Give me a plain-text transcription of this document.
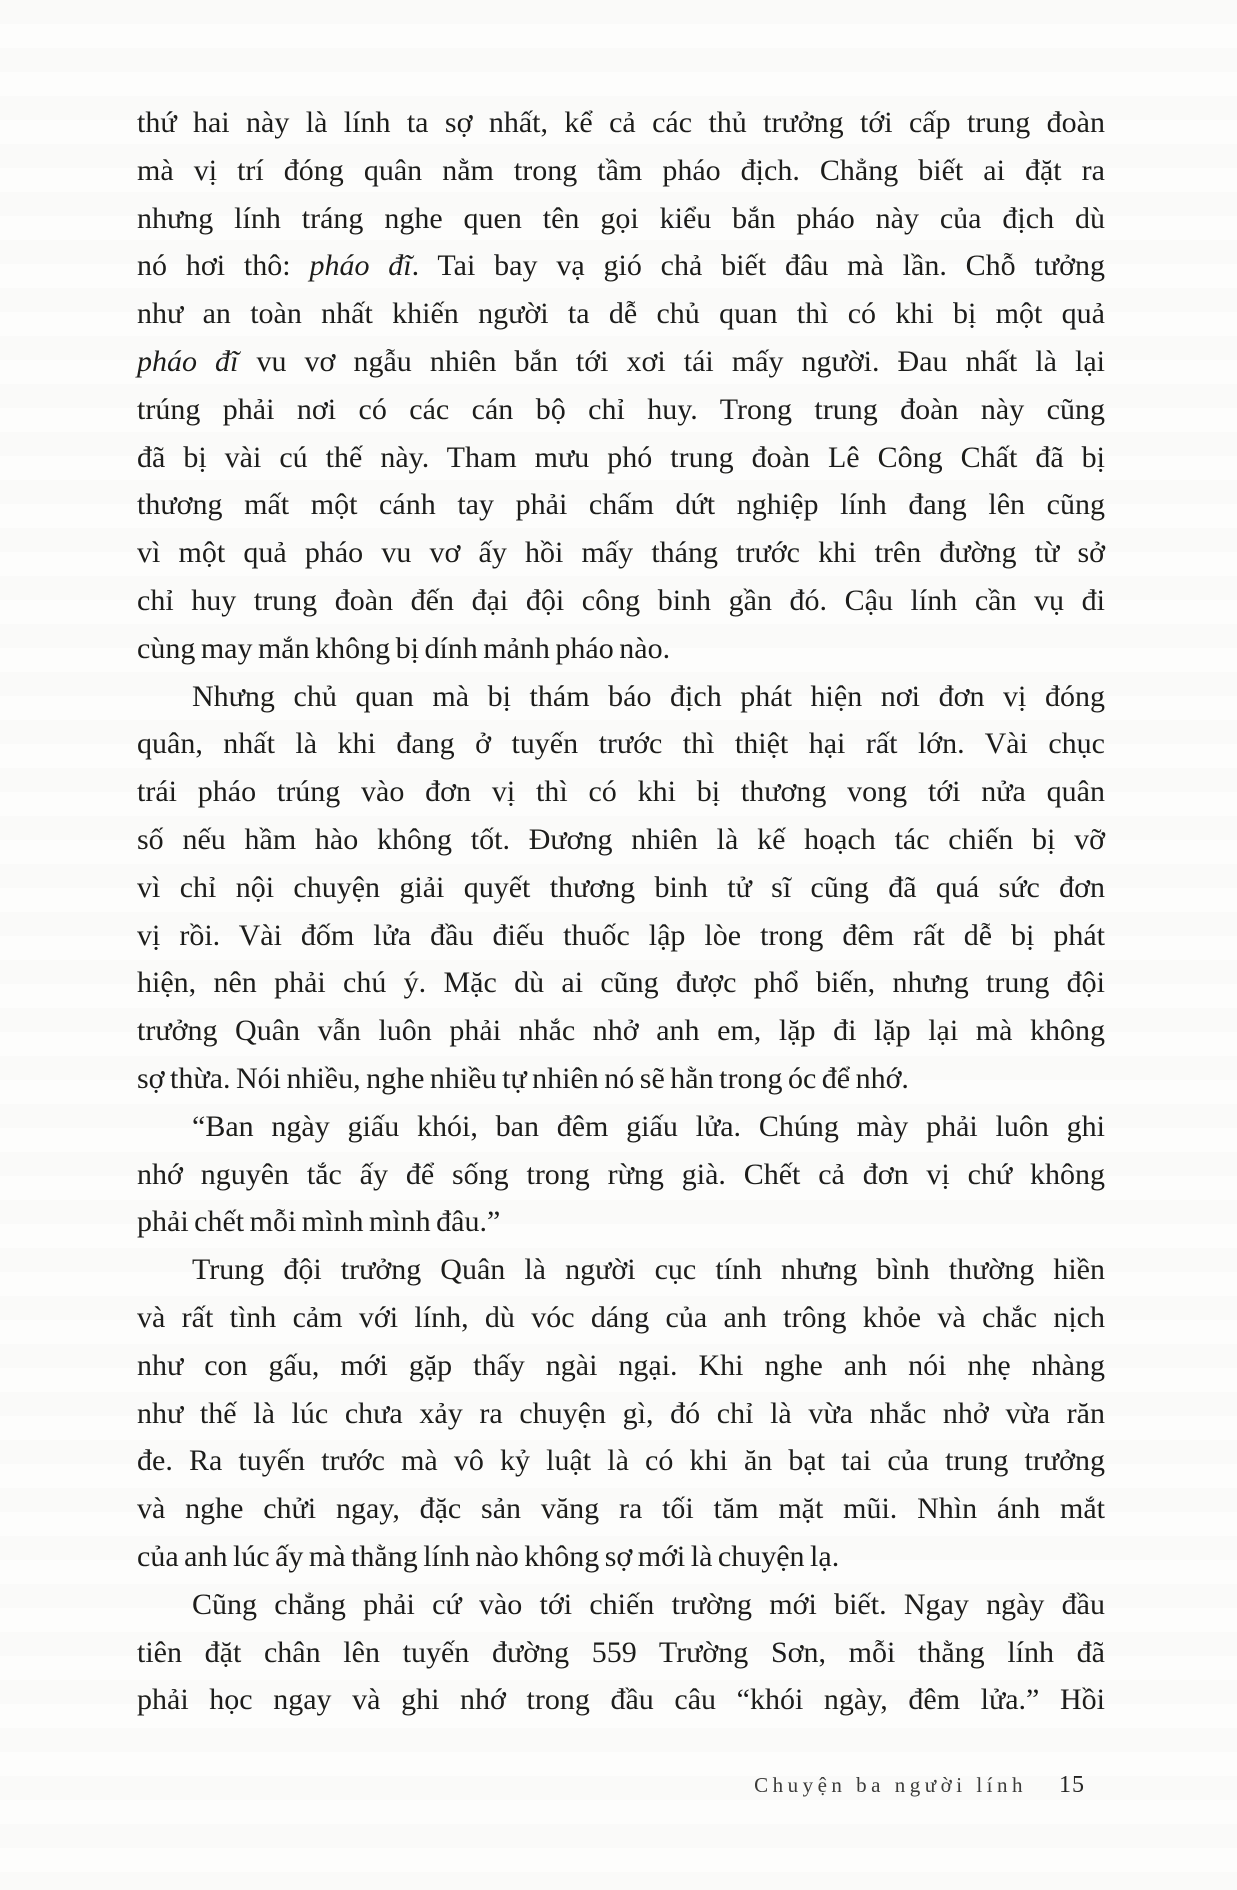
thứ hai này là lính ta sợ nhất, kể cả các thủ trưởng tới cấp trung đoàn
mà vị trí đóng quân nằm trong tầm pháo địch. Chẳng biết ai đặt ra
nhưng lính tráng nghe quen tên gọi kiểu bắn pháo này của địch dù
nó hơi thô: pháo đĩ. Tai bay vạ gió chả biết đâu mà lần. Chỗ tưởng
như an toàn nhất khiến người ta dễ chủ quan thì có khi bị một quả
pháo đĩ vu vơ ngẫu nhiên bắn tới xơi tái mấy người. Đau nhất là lại
trúng phải nơi có các cán bộ chỉ huy. Trong trung đoàn này cũng
đã bị vài cú thế này. Tham mưu phó trung đoàn Lê Công Chất đã bị
thương mất một cánh tay phải chấm dứt nghiệp lính đang lên cũng
vì một quả pháo vu vơ ấy hồi mấy tháng trước khi trên đường từ sở
chỉ huy trung đoàn đến đại đội công binh gần đó. Cậu lính cần vụ đi
cùng may mắn không bị dính mảnh pháo nào.
Nhưng chủ quan mà bị thám báo địch phát hiện nơi đơn vị đóng
quân, nhất là khi đang ở tuyến trước thì thiệt hại rất lớn. Vài chục
trái pháo trúng vào đơn vị thì có khi bị thương vong tới nửa quân
số nếu hầm hào không tốt. Đương nhiên là kế hoạch tác chiến bị vỡ
vì chỉ nội chuyện giải quyết thương binh tử sĩ cũng đã quá sức đơn
vị rồi. Vài đốm lửa đầu điếu thuốc lập lòe trong đêm rất dễ bị phát
hiện, nên phải chú ý. Mặc dù ai cũng được phổ biến, nhưng trung đội
trưởng Quân vẫn luôn phải nhắc nhở anh em, lặp đi lặp lại mà không
sợ thừa. Nói nhiều, nghe nhiều tự nhiên nó sẽ hằn trong óc để nhớ.
“Ban ngày giấu khói, ban đêm giấu lửa. Chúng mày phải luôn ghi
nhớ nguyên tắc ấy để sống trong rừng già. Chết cả đơn vị chứ không
phải chết mỗi mình mình đâu.”
Trung đội trưởng Quân là người cục tính nhưng bình thường hiền
và rất tình cảm với lính, dù vóc dáng của anh trông khỏe và chắc nịch
như con gấu, mới gặp thấy ngài ngại. Khi nghe anh nói nhẹ nhàng
như thế là lúc chưa xảy ra chuyện gì, đó chỉ là vừa nhắc nhở vừa răn
đe. Ra tuyến trước mà vô kỷ luật là có khi ăn bạt tai của trung trưởng
và nghe chửi ngay, đặc sản văng ra tối tăm mặt mũi. Nhìn ánh mắt
của anh lúc ấy mà thằng lính nào không sợ mới là chuyện lạ.
Cũng chẳng phải cứ vào tới chiến trường mới biết. Ngay ngày đầu
tiên đặt chân lên tuyến đường 559 Trường Sơn, mỗi thằng lính đã
phải học ngay và ghi nhớ trong đầu câu “khói ngày, đêm lửa.” Hồi
Chuyện ba người lính 15
